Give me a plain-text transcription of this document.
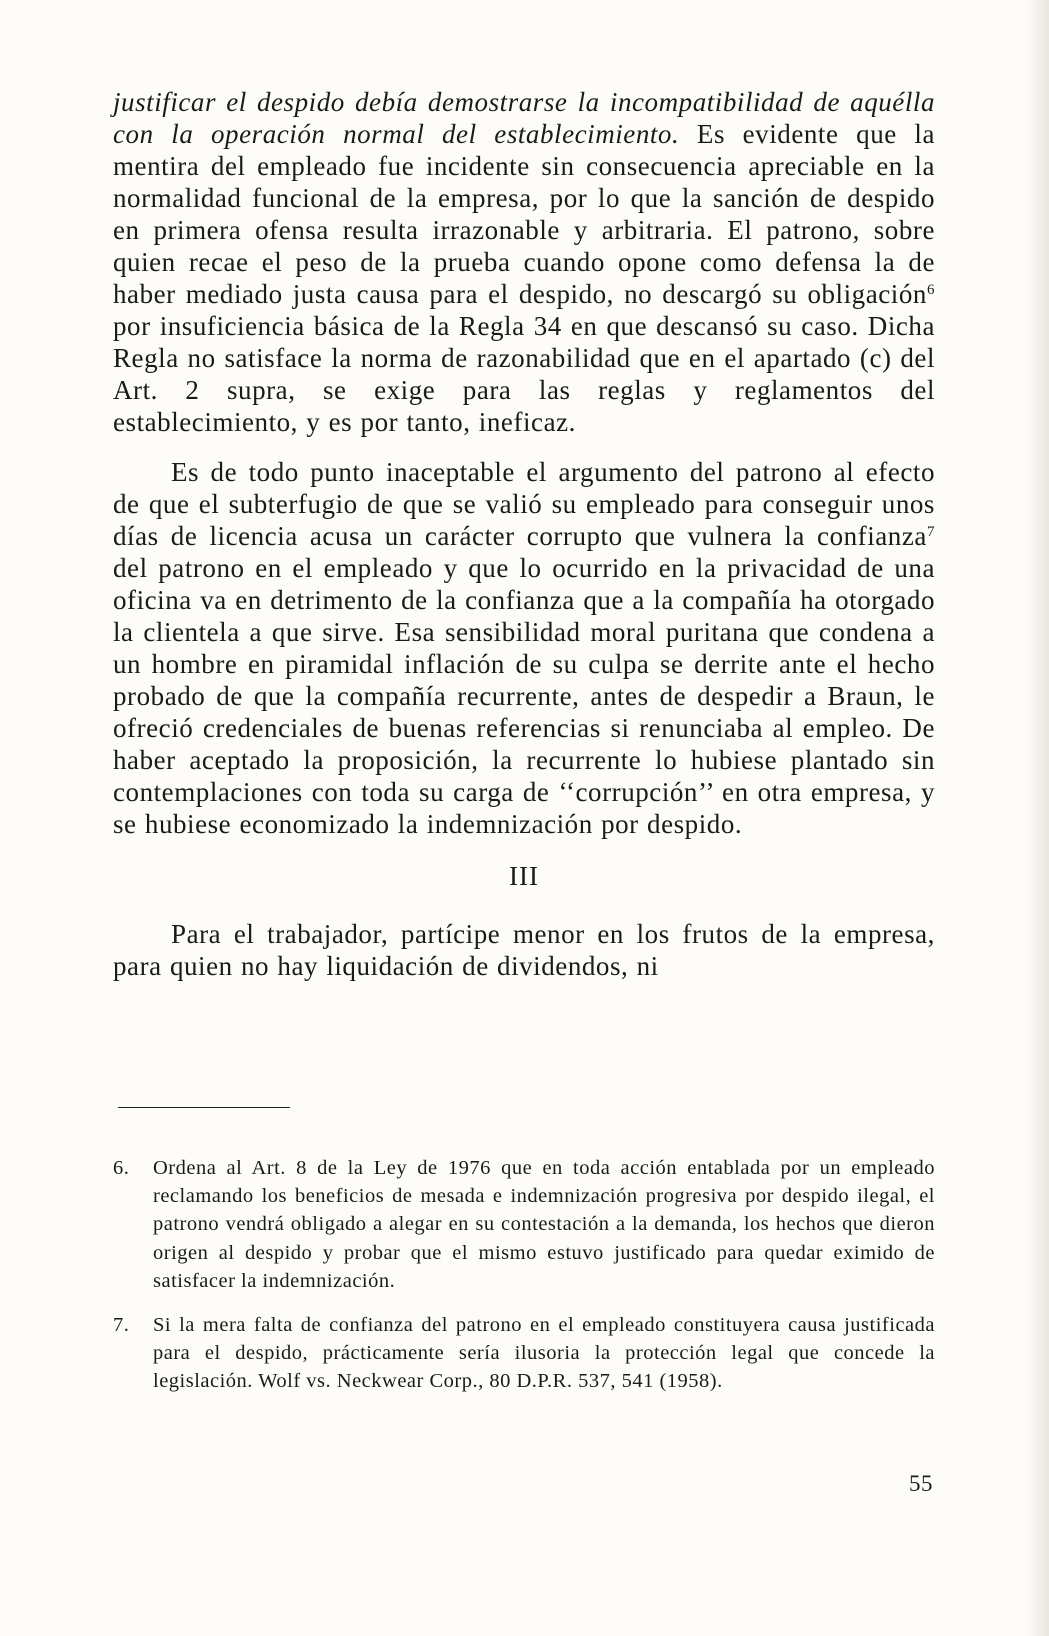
justificar el despido debía demostrarse la incompatibilidad de aquélla con la operación normal del establecimiento. Es evidente que la mentira del empleado fue incidente sin consecuencia apreciable en la normalidad funcional de la empresa, por lo que la sanción de despido en primera ofensa resulta irrazonable y arbitraria. El patrono, sobre quien recae el peso de la prueba cuando opone como defensa la de haber mediado justa causa para el despido, no descargó su obligación$^6$ por insuficiencia básica de la Regla 34 en que descansó su caso. Dicha Regla no satisface la norma de razonabilidad que en el apartado (c) del Art. 2 supra, se exige para las reglas y reglamentos del establecimiento, y es por tanto, ineficaz.

Es de todo punto inaceptable el argumento del patrono al efecto de que el subterfugio de que se valió su empleado para conseguir unos días de licencia acusa un carácter corrupto que vulnera la confianza$^7$ del patrono en el empleado y que lo ocurrido en la privacidad de una oficina va en detrimento de la confianza que a la compañía ha otorgado la clientela a que sirve. Esa sensibilidad moral puritana que condena a un hombre en piramidal inflación de su culpa se derrite ante el hecho probado de que la compañía recurrente, antes de despedir a Braun, le ofreció credenciales de buenas referencias si renunciaba al empleo. De haber aceptado la proposición, la recurrente lo hubiese plantado sin contemplaciones con toda su carga de ‘‘corrupción’’ en otra empresa, y se hubiese economizado la indemnización por despido.

III

Para el trabajador, partícipe menor en los frutos de la empresa, para quien no hay liquidación de dividendos, ni

6. Ordena al Art. 8 de la Ley de 1976 que en toda acción entablada por un empleado reclamando los beneficios de mesada e indemnización progresiva por despido ilegal, el patrono vendrá obligado a alegar en su contestación a la demanda, los hechos que dieron origen al despido y probar que el mismo estuvo justificado para quedar eximido de satisfacer la indemnización.

7. Si la mera falta de confianza del patrono en el empleado constituyera causa justificada para el despido, prácticamente sería ilusoria la protección legal que concede la legislación. Wolf vs. Neckwear Corp., 80 D.P.R. 537, 541 (1958).

55
